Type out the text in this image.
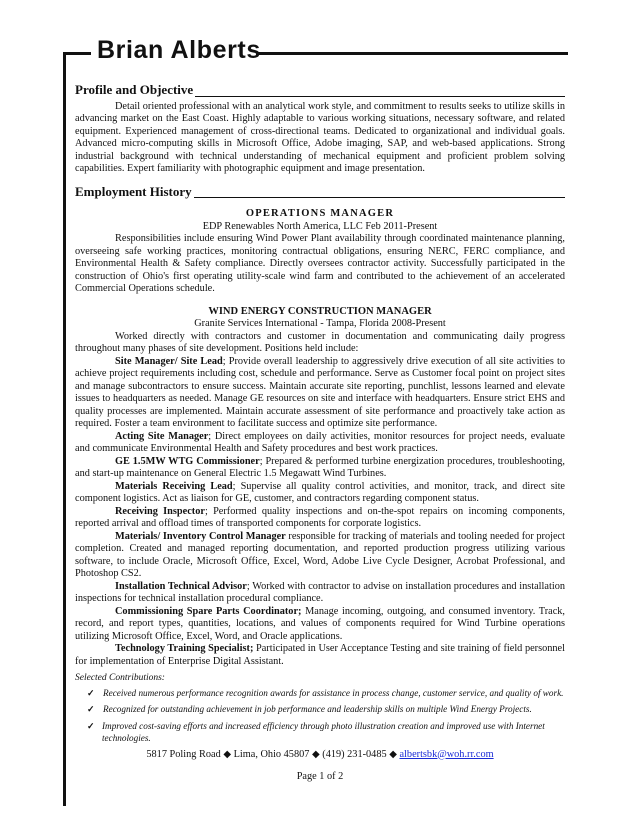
Brian Alberts
Profile and Objective

Detail oriented professional with an analytical work style, and commitment to results seeks to utilize skills in advancing market on the East Coast. Highly adaptable to various working situations, necessary software, and related equipment. Experienced management of cross-directional teams. Dedicated to organizational and individual goals. Advanced micro-computing skills in Microsoft Office, Adobe imaging, SAP, and web-based applications. Strong industrial background with technical understanding of mechanical equipment and proficient problem solving capabilities. Expert familiarity with photographic equipment and image presentation.

Employment History
OPERATIONS MANAGER
EDP Renewables North America, LLC Feb 2011-Present

Responsibilities include ensuring Wind Power Plant availability through coordinated maintenance planning, overseeing safe working practices, monitoring contractual obligations, ensuring NERC, FERC compliance, and Environmental Health & Safety compliance. Directly oversees contractor activity. Successfully participated in the construction of Ohio's first operating utility-scale wind farm and contributed to the achievement of an accelerated Commercial Operations schedule.

WIND ENERGY CONSTRUCTION MANAGER
Granite Services International - Tampa, Florida 2008-Present

Worked directly with contractors and customer in documentation and communicating daily progress throughout many phases of site development. Positions held include:

Site Manager/ Site Lead; Provide overall leadership to aggressively drive execution of all site activities to achieve project requirements including cost, schedule and performance. Serve as Customer focal point on project sites and manage subcontractors to ensure success. Maintain accurate site reporting, punchlist, lessons learned and elevate issues to headquarters as needed. Manage GE resources on site and interface with headquarters. Ensure strict EHS and quality processes are implemented. Maintain accurate assessment of site performance and proactively take action as required. Foster a team environment to facilitate success and optimize site performance.

Acting Site Manager; Direct employees on daily activities, monitor resources for project needs, evaluate and communicate Environmental Health and Safety procedures and best work practices.

GE 1.5MW WTG Commissioner; Prepared & performed turbine energization procedures, troubleshooting, and start-up maintenance on General Electric 1.5 Megawatt Wind Turbines.

Materials Receiving Lead; Supervise all quality control activities, and monitor, track, and direct site component logistics. Act as liaison for GE, customer, and contractors regarding component status.

Receiving Inspector; Performed quality inspections and on-the-spot repairs on incoming components, reported arrival and offload times of transported components for corporate logistics.

Materials/ Inventory Control Manager responsible for tracking of materials and tooling needed for project completion. Created and managed reporting documentation, and reported production progress utilizing various software, to include Oracle, Microsoft Office, Excel, Word, Adobe Live Cycle Designer, Acrobat Professional, and Photoshop CS2.

Installation Technical Advisor; Worked with contractor to advise on installation procedures and installation inspections for technical installation procedural compliance.

Commissioning Spare Parts Coordinator; Manage incoming, outgoing, and consumed inventory. Track, record, and report types, quantities, locations, and values of components required for Wind Turbine operations utilizing Microsoft Office, Excel, Word, and Oracle applications.

Technology Training Specialist; Participated in User Acceptance Testing and site training of field personnel for implementation of Enterprise Digital Assistant.

Selected Contributions:
✓ Received numerous performance recognition awards for assistance in process change, customer service, and quality of work.
✓ Recognized for outstanding achievement in job performance and leadership skills on multiple Wind Energy Projects.
✓ Improved cost-saving efforts and increased efficiency through photo illustration creation and improved use with Internet technologies.
5817 Poling Road ◆ Lima, Ohio 45807 ◆ (419) 231-0485 ◆ albertsbk@woh.rr.com
Page 1 of 2
